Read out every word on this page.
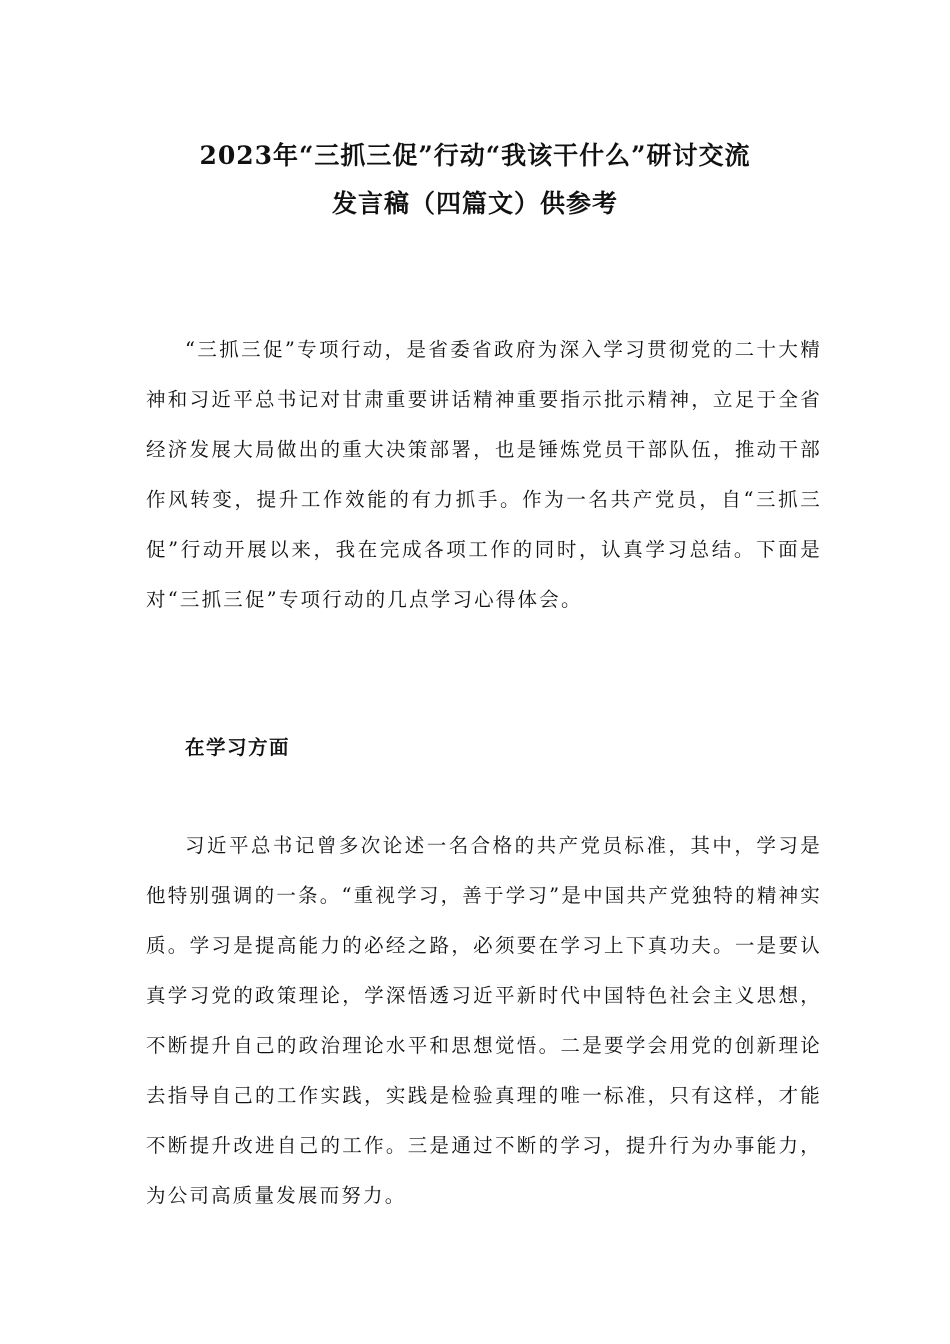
2023年“三抓三促”行动“我该干什么”研讨交流
发言稿（四篇文）供参考

“三抓三促”专项行动，是省委省政府为深入学习贯彻党的二十大精神和习近平总书记对甘肃重要讲话精神重要指示批示精神，立足于全省经济发展大局做出的重大决策部署，也是锤炼党员干部队伍，推动干部作风转变，提升工作效能的有力抓手。作为一名共产党员，自“三抓三促”行动开展以来，我在完成各项工作的同时，认真学习总结。下面是对“三抓三促”专项行动的几点学习心得体会。

在学习方面

习近平总书记曾多次论述一名合格的共产党员标准，其中，学习是他特别强调的一条。“重视学习，善于学习”是中国共产党独特的精神实质。学习是提高能力的必经之路，必须要在学习上下真功夫。一是要认真学习党的政策理论，学深悟透习近平新时代中国特色社会主义思想，不断提升自己的政治理论水平和思想觉悟。二是要学会用党的创新理论去指导自己的工作实践，实践是检验真理的唯一标准，只有这样，才能不断提升改进自己的工作。三是通过不断的学习，提升行为办事能力，为公司高质量发展而努力。
